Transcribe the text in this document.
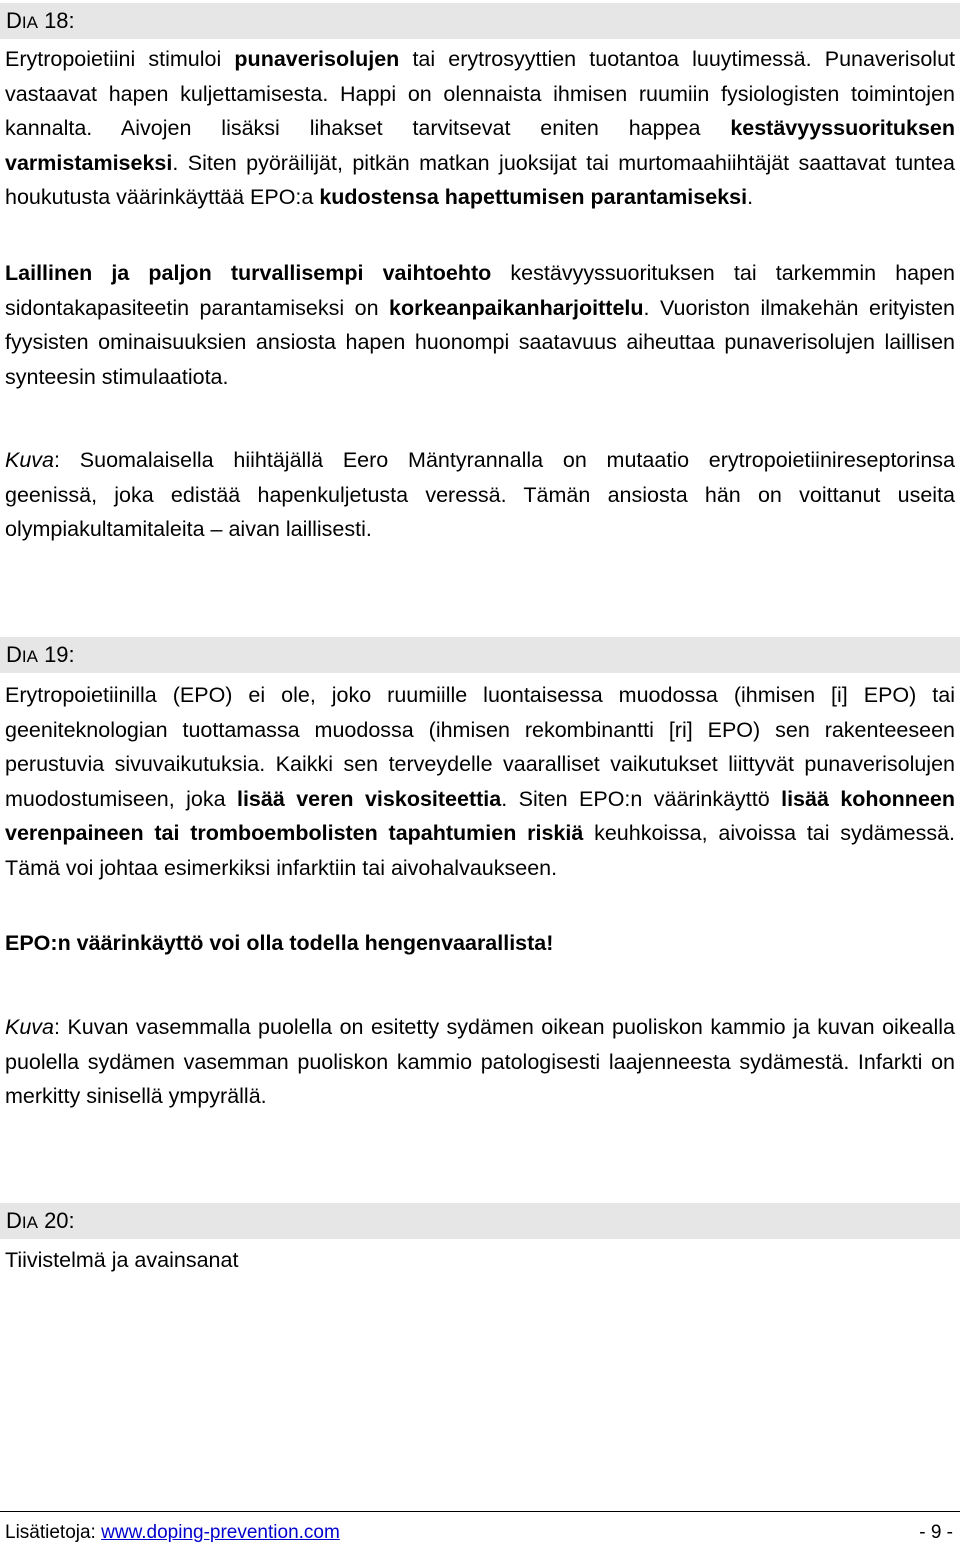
DIA 18:

Erytropoietiini stimuloi punaverisolujen tai erytrosyyttien tuotantoa luuytimessä. Punaverisolut vastaavat hapen kuljettamisesta. Happi on olennaista ihmisen ruumiin fysiologisten toimintojen kannalta. Aivojen lisäksi lihakset tarvitsevat eniten happea kestävyyssuorituksen varmistamiseksi. Siten pyöräilijät, pitkän matkan juoksijat tai murtomaahiihtäjät saattavat tuntea houkutusta väärinkäyttää EPO:a kudostensa hapettumisen parantamiseksi.

Laillinen ja paljon turvallisempi vaihtoehto kestävyyssuorituksen tai tarkemmin hapen sidontakapasiteetin parantamiseksi on korkeanpaikanharjoittelu. Vuoriston ilmakehän erityisten fyysisten ominaisuuksien ansiosta hapen huonompi saatavuus aiheuttaa punaverisolujen laillisen synteesin stimulaatiota.

Kuva: Suomalaisella hiihtäjällä Eero Mäntyrannalla on mutaatio erytropoietiinireseptorinsa geenissä, joka edistää hapenkuljetusta veressä. Tämän ansiosta hän on voittanut useita olympiakultamitaleita – aivan laillisesti.

DIA 19:

Erytropoietiinilla (EPO) ei ole, joko ruumiille luontaisessa muodossa (ihmisen [i] EPO) tai geeniteknologian tuottamassa muodossa (ihmisen rekombinantti [ri] EPO) sen rakenteeseen perustuvia sivuvaikutuksia. Kaikki sen terveydelle vaaralliset vaikutukset liittyvät punaverisolujen muodostumiseen, joka lisää veren viskositeettia. Siten EPO:n väärinkäyttö lisää kohonneen verenpaineen tai tromboembolisten tapahtumien riskiä keuhkoissa, aivoissa tai sydämessä. Tämä voi johtaa esimerkiksi infarktiin tai aivohalvaukseen.

EPO:n väärinkäyttö voi olla todella hengenvaarallista!

Kuva: Kuvan vasemmalla puolella on esitetty sydämen oikean puoliskon kammio ja kuvan oikealla puolella sydämen vasemman puoliskon kammio patologisesti laajenneesta sydämestä. Infarkti on merkitty sinisellä ympyrällä.

DIA 20:

Tiivistelmä ja avainsanat

Lisätietoja: www.doping-prevention.com	- 9 -
